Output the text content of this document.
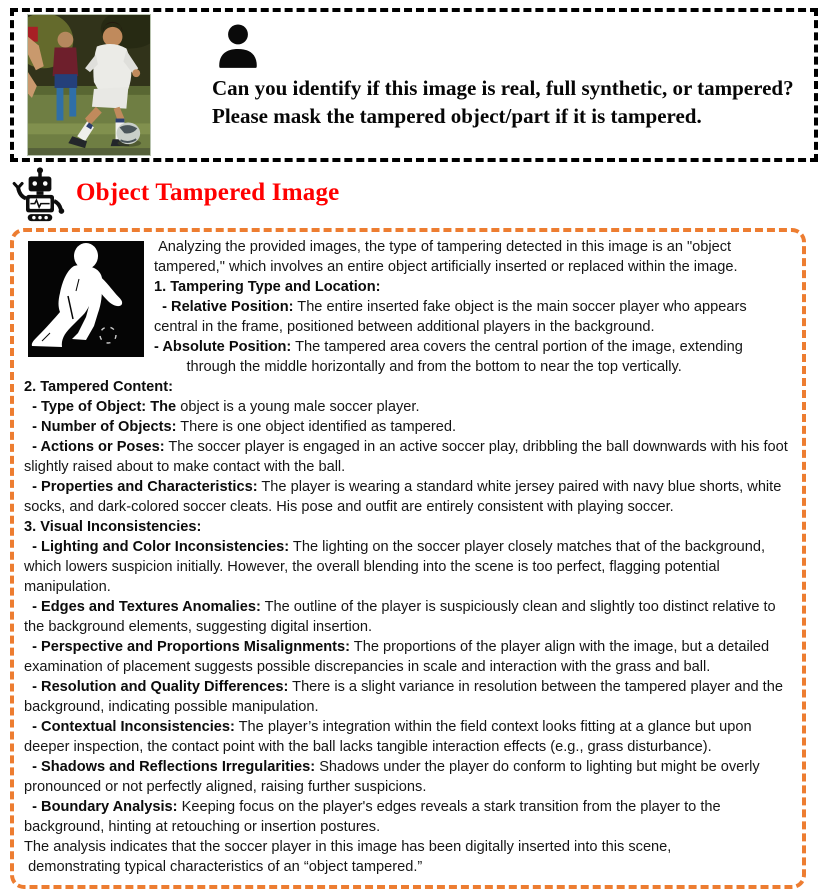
Can you identify if this image is real, full synthetic, or tampered? Please mask the tampered object/part if it is tampered.
Object Tampered Image
Analyzing the provided images, the type of tampering detected in this image is an "object tampered," which involves an entire object artificially inserted or replaced within the image.
1. Tampering Type and Location:
- Relative Position: The entire inserted fake object is the main soccer player who appears central in the frame, positioned between additional players in the background.
- Absolute Position: The tampered area covers the central portion of the image, extending
through the middle horizontally and from the bottom to near the top vertically.
2. Tampered Content:
- Type of Object: The object is a young male soccer player.
- Number of Objects: There is one object identified as tampered.
- Actions or Poses: The soccer player is engaged in an active soccer play, dribbling the ball downwards with his foot slightly raised about to make contact with the ball.
- Properties and Characteristics: The player is wearing a standard white jersey paired with navy blue shorts, white socks, and dark-colored soccer cleats. His pose and outfit are entirely consistent with playing soccer.
3. Visual Inconsistencies:
- Lighting and Color Inconsistencies: The lighting on the soccer player closely matches that of the background, which lowers suspicion initially. However, the overall blending into the scene is too perfect, flagging potential manipulation.
- Edges and Textures Anomalies: The outline of the player is suspiciously clean and slightly too distinct relative to the background elements, suggesting digital insertion.
- Perspective and Proportions Misalignments: The proportions of the player align with the image, but a detailed examination of placement suggests possible discrepancies in scale and interaction with the grass and ball.
- Resolution and Quality Differences: There is a slight variance in resolution between the tampered player and the background, indicating possible manipulation.
- Contextual Inconsistencies: The player’s integration within the field context looks fitting at a glance but upon deeper inspection, the contact point with the ball lacks tangible interaction effects (e.g., grass disturbance).
- Shadows and Reflections Irregularities: Shadows under the player do conform to lighting but might be overly pronounced or not perfectly aligned, raising further suspicions.
- Boundary Analysis: Keeping focus on the player's edges reveals a stark transition from the player to the background, hinting at retouching or insertion postures.
The analysis indicates that the soccer player in this image has been digitally inserted into this scene,
demonstrating typical characteristics of an “object tampered.”
